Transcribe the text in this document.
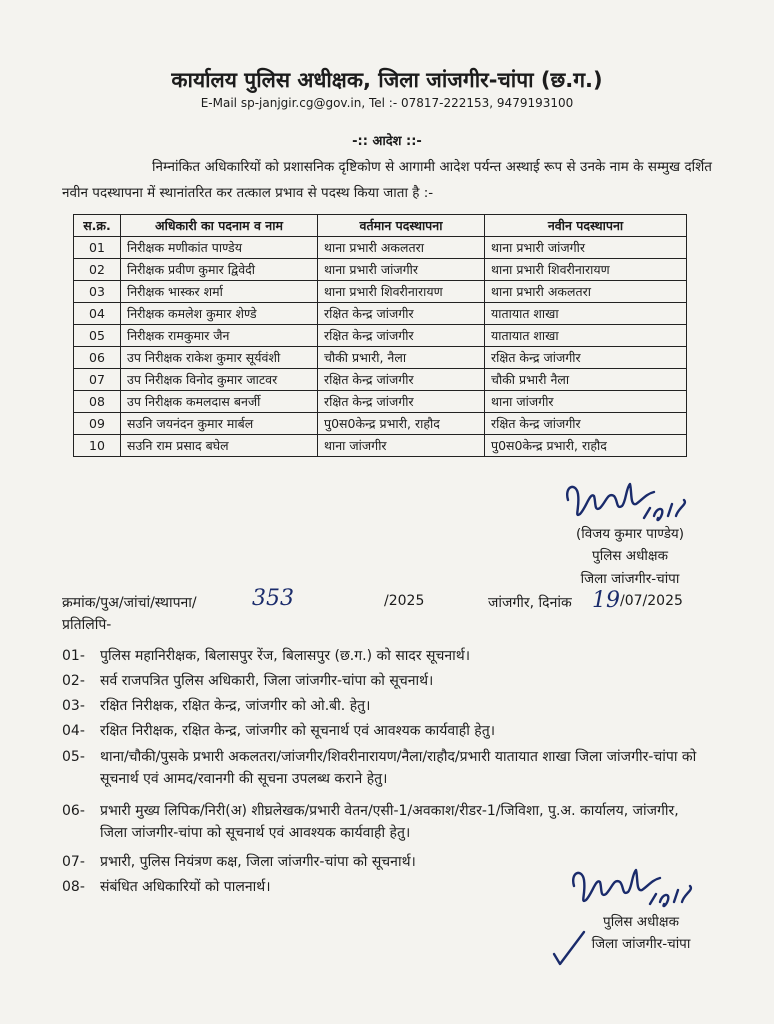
कार्यालय पुलिस अधीक्षक, जिला जांजगीर-चांपा (छ.ग.)
E-Mail sp-janjgir.cg@gov.in, Tel :- 07817-222153, 9479193100
-:: आदेश ::-
निम्नांकित अधिकारियों को प्रशासनिक दृष्टिकोण से आगामी आदेश पर्यन्त अस्थाई रूप से उनके नाम के सम्मुख दर्शित नवीन पदस्थापना में स्थानांतरित कर तत्काल प्रभाव से पदस्थ किया जाता है :-
स.क्र.	अधिकारी का पदनाम व नाम	वर्तमान पदस्थापना	नवीन पदस्थापना
01	निरीक्षक मणीकांत पाण्डेय	थाना प्रभारी अकलतरा	थाना प्रभारी जांजगीर
02	निरीक्षक प्रवीण कुमार द्विवेदी	थाना प्रभारी जांजगीर	थाना प्रभारी शिवरीनारायण
03	निरीक्षक भास्कर शर्मा	थाना प्रभारी शिवरीनारायण	थाना प्रभारी अकलतरा
04	निरीक्षक कमलेश कुमार शेण्डे	रक्षित केन्द्र जांजगीर	यातायात शाखा
05	निरीक्षक रामकुमार जैन	रक्षित केन्द्र जांजगीर	यातायात शाखा
06	उप निरीक्षक राकेश कुमार सूर्यवंशी	चौकी प्रभारी, नैला	रक्षित केन्द्र जांजगीर
07	उप निरीक्षक विनोद कुमार जाटवर	रक्षित केन्द्र जांजगीर	चौकी प्रभारी नैला
08	उप निरीक्षक कमलदास बनर्जी	रक्षित केन्द्र जांजगीर	थाना जांजगीर
09	सउनि जयनंदन कुमार मार्बल	पु0स0केन्द्र प्रभारी, राहौद	रक्षित केन्द्र जांजगीर
10	सउनि राम प्रसाद बघेल	थाना जांजगीर	पु0स0केन्द्र प्रभारी, राहौद
(विजय कुमार पाण्डेय)
पुलिस अधीक्षक
जिला जांजगीर-चांपा
क्रमांक/पुअ/जांचां/स्थापना/	353	/2025	जांजगीर, दिनांक 19 /07/2025
प्रतिलिपि-
01- पुलिस महानिरीक्षक, बिलासपुर रेंज, बिलासपुर (छ.ग.) को सादर सूचनार्थ।
02- सर्व राजपत्रित पुलिस अधिकारी, जिला जांजगीर-चांपा को सूचनार्थ।
03- रक्षित निरीक्षक, रक्षित केन्द्र, जांजगीर को ओ.बी. हेतु।
04- रक्षित निरीक्षक, रक्षित केन्द्र, जांजगीर को सूचनार्थ एवं आवश्यक कार्यवाही हेतु।
05- थाना/चौकी/पुसके प्रभारी अकलतरा/जांजगीर/शिवरीनारायण/नैला/राहौद/प्रभारी यातायात शाखा जिला जांजगीर-चांपा को सूचनार्थ एवं आमद/रवानगी की सूचना उपलब्ध कराने हेतु।
06- प्रभारी मुख्य लिपिक/निरी(अ) शीघ्रलेखक/प्रभारी वेतन/एसी-1/अवकाश/रीडर-1/जिविशा, पु.अ. कार्यालय, जांजगीर, जिला जांजगीर-चांपा को सूचनार्थ एवं आवश्यक कार्यवाही हेतु।
07- प्रभारी, पुलिस नियंत्रण कक्ष, जिला जांजगीर-चांपा को सूचनार्थ।
08- संबंधित अधिकारियों को पालनार्थ।
पुलिस अधीक्षक
जिला जांजगीर-चांपा
